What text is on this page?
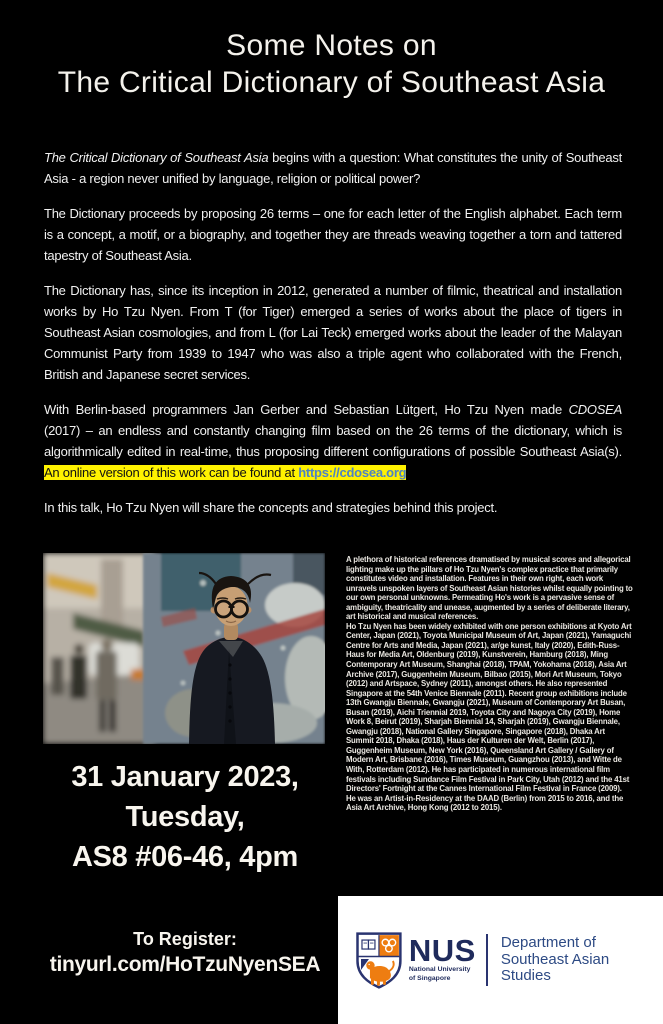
Some Notes on
The Critical Dictionary of Southeast Asia

The Critical Dictionary of Southeast Asia begins with a question: What constitutes the unity of Southeast Asia - a region never unified by language, religion or political power?

The Dictionary proceeds by proposing 26 terms – one for each letter of the English alphabet. Each term is a concept, a motif, or a biography, and together they are threads weaving together a torn and tattered tapestry of Southeast Asia.

The Dictionary has, since its inception in 2012, generated a number of filmic, theatrical and installation works by Ho Tzu Nyen. From T (for Tiger) emerged a series of works about the place of tigers in Southeast Asian cosmologies, and from L (for Lai Teck) emerged works about the leader of the Malayan Communist Party from 1939 to 1947 who was also a triple agent who collaborated with the French, British and Japanese secret services.

With Berlin-based programmers Jan Gerber and Sebastian Lütgert, Ho Tzu Nyen made CDOSEA (2017) – an endless and constantly changing film based on the 26 terms of the dictionary, which is algorithmically edited in real-time, thus proposing different configurations of possible Southeast Asia(s). An online version of this work can be found at https://cdosea.org

In this talk, Ho Tzu Nyen will share the concepts and strategies behind this project.

A plethora of historical references dramatised by musical scores and allegorical lighting make up the pillars of Ho Tzu Nyen's complex practice that primarily constitutes video and installation. Features in their own right, each work unravels unspoken layers of Southeast Asian histories whilst equally pointing to our own personal unknowns. Permeating Ho's work is a pervasive sense of ambiguity, theatricality and unease, augmented by a series of deliberate literary, art historical and musical references.
Ho Tzu Nyen has been widely exhibited with one person exhibitions at Kyoto Art Center, Japan (2021), Toyota Municipal Museum of Art, Japan (2021), Yamaguchi Centre for Arts and Media, Japan (2021), ar/ge kunst, Italy (2020), Edith-Russ-Haus for Media Art, Oldenburg (2019), Kunstverein, Hamburg (2018), Ming Contemporary Art Museum, Shanghai (2018), TPAM, Yokohama (2018), Asia Art Archive (2017), Guggenheim Museum, Bilbao (2015), Mori Art Museum, Tokyo (2012) and Artspace, Sydney (2011), amongst others. He also represented Singapore at the 54th Venice Biennale (2011). Recent group exhibitions include 13th Gwangju Biennale, Gwangju (2021), Museum of Contemporary Art Busan, Busan (2019), Aichi Triennial 2019, Toyota City and Nagoya City (2019), Home Work 8, Beirut (2019), Sharjah Biennial 14, Sharjah (2019), Gwangju Biennale, Gwangju (2018), National Gallery Singapore, Singapore (2018), Dhaka Art Summit 2018, Dhaka (2018), Haus der Kulturen der Welt, Berlin (2017), Guggenheim Museum, New York (2016), Queensland Art Gallery / Gallery of Modern Art, Brisbane (2016), Times Museum, Guangzhou (2013), and Witte de With, Rotterdam (2012). He has participated in numerous international film festivals including Sundance Film Festival in Park City, Utah (2012) and the 41st Directors' Fortnight at the Cannes International Film Festival in France (2009). He was an Artist-in-Residency at the DAAD (Berlin) from 2015 to 2016, and the Asia Art Archive, Hong Kong (2012 to 2015).
31 January 2023,
Tuesday,
AS8 #06-46, 4pm
To Register:
tinyurl.com/HoTzuNyenSEA	NUS
National University
of Singapore
Department of
Southeast Asian Studies
